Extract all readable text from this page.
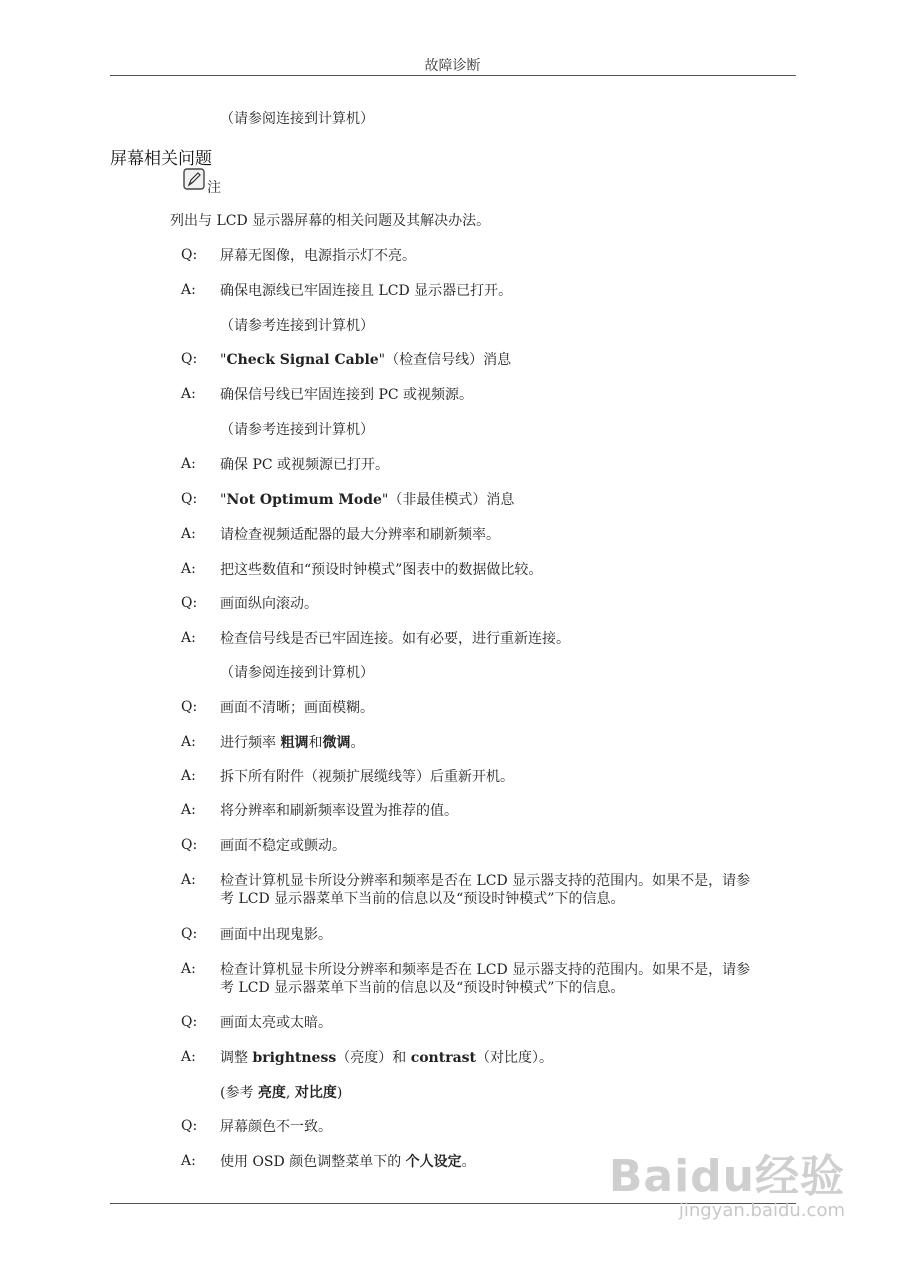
故障诊断
（请参阅连接到计算机）
屏幕相关问题
注
列出与 LCD 显示器屏幕的相关问题及其解决办法。
Q: 屏幕无图像，电源指示灯不亮。
A: 确保电源线已牢固连接且 LCD 显示器已打开。
（请参考连接到计算机）
Q: "Check Signal Cable"（检查信号线）消息
A: 确保信号线已牢固连接到 PC 或视频源。
（请参考连接到计算机）
A: 确保 PC 或视频源已打开。
Q: "Not Optimum Mode"（非最佳模式）消息
A: 请检查视频适配器的最大分辨率和刷新频率。
A: 把这些数值和“预设时钟模式”图表中的数据做比较。
Q: 画面纵向滚动。
A: 检查信号线是否已牢固连接。如有必要，进行重新连接。
（请参阅连接到计算机）
Q: 画面不清晰；画面模糊。
A: 进行频率 粗调和微调。
A: 拆下所有附件（视频扩展缆线等）后重新开机。
A: 将分辨率和刷新频率设置为推荐的值。
Q: 画面不稳定或颤动。
A: 检查计算机显卡所设分辨率和频率是否在 LCD 显示器支持的范围内。如果不是，请参
考 LCD 显示器菜单下当前的信息以及“预设时钟模式”下的信息。
Q: 画面中出现鬼影。
A: 检查计算机显卡所设分辨率和频率是否在 LCD 显示器支持的范围内。如果不是，请参
考 LCD 显示器菜单下当前的信息以及“预设时钟模式”下的信息。
Q: 画面太亮或太暗。
A: 调整 brightness（亮度）和 contrast（对比度）。
(参考 亮度, 对比度)
Q: 屏幕颜色不一致。
A: 使用 OSD 颜色调整菜单下的 个人设定。	Baidu经验
jingyan.baidu.com
